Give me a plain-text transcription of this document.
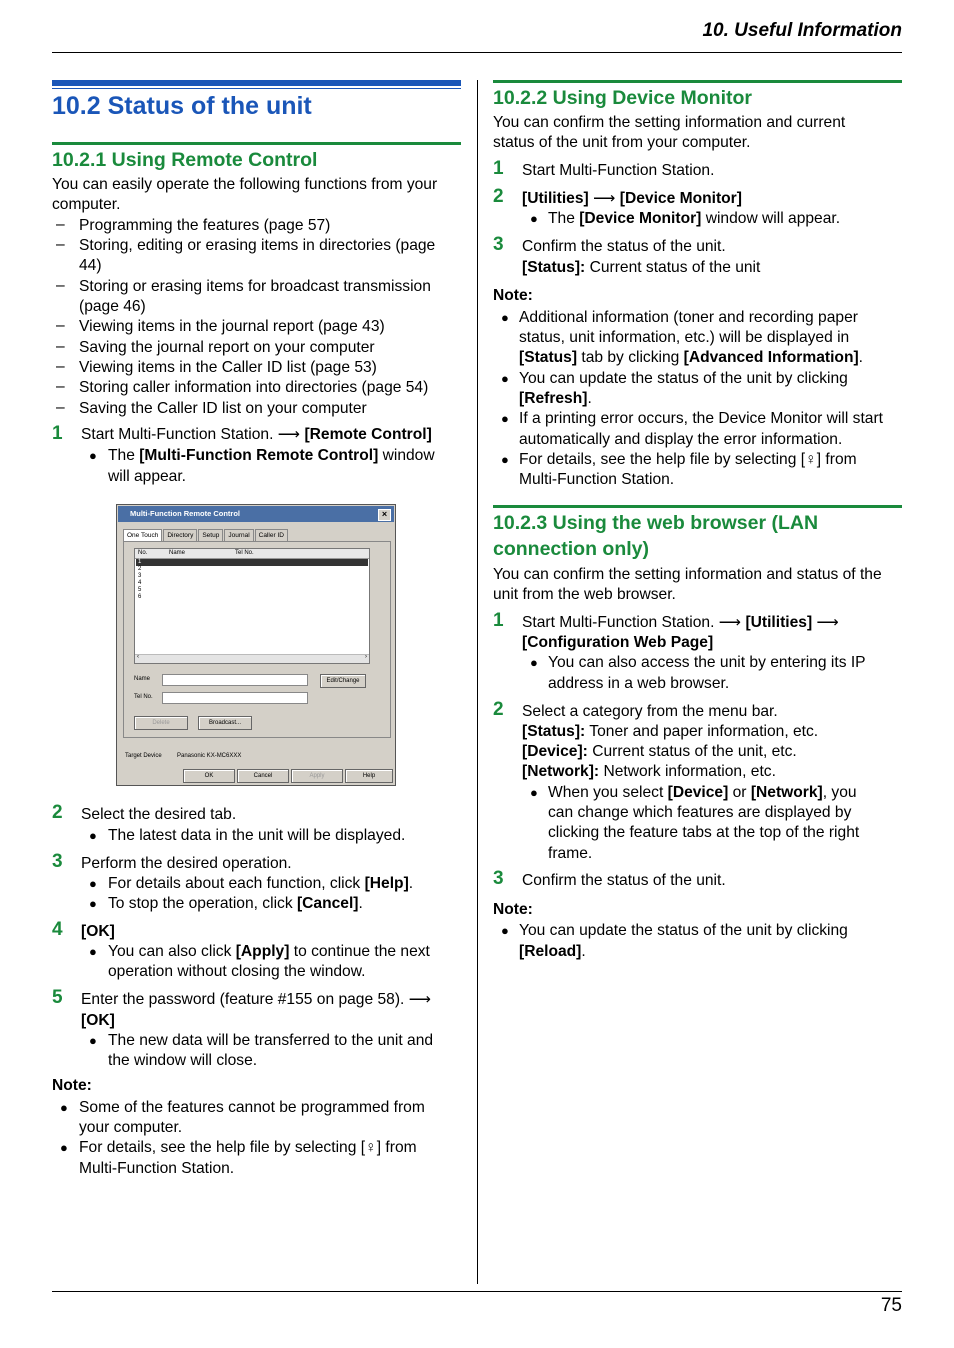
10. Useful Information
10.2 Status of the unit
10.2.1 Using Remote Control
You can easily operate the following functions from your
computer.
– Programming the features (page 57)
– Storing, editing or erasing items in directories (page
44)
– Storing or erasing items for broadcast transmission
(page 46)
– Viewing items in the journal report (page 43)
– Saving the journal report on your computer
– Viewing items in the Caller ID list (page 53)
– Storing caller information into directories (page 54)
– Saving the Caller ID list on your computer
1 Start Multi-Function Station. ⟶ [Remote Control]
● The [Multi-Function Remote Control] window
will appear.
Multi-Function Remote Control	×
One Touch Directory Setup Journal Caller ID
No.	Name	Tel No.
1
2
3
4
5
6
‹	›
Name	Edit/Change
Tel No.
Delete	Broadcast...
Target Device	Panasonic KX-MC6XXX
OK	Cancel	Apply	Help
2 Select the desired tab.
● The latest data in the unit will be displayed.
3 Perform the desired operation.
● For details about each function, click [Help].
● To stop the operation, click [Cancel].
4 [OK]
● You can also click [Apply] to continue the next
operation without closing the window.
5 Enter the password (feature #155 on page 58). ⟶
[OK]
● The new data will be transferred to the unit and
the window will close.
Note:
● Some of the features cannot be programmed from
your computer.
● For details, see the help file by selecting [♀] from
Multi-Function Station.
10.2.2 Using Device Monitor
You can confirm the setting information and current
status of the unit from your computer.
1 Start Multi-Function Station.
2 [Utilities] ⟶ [Device Monitor]
● The [Device Monitor] window will appear.
3 Confirm the status of the unit.
[Status]: Current status of the unit
Note:
● Additional information (toner and recording paper
status, unit information, etc.) will be displayed in
[Status] tab by clicking [Advanced Information].
● You can update the status of the unit by clicking
[Refresh].
● If a printing error occurs, the Device Monitor will start
automatically and display the error information.
● For details, see the help file by selecting [♀] from
Multi-Function Station.
10.2.3 Using the web browser (LAN
connection only)
You can confirm the setting information and status of the
unit from the web browser.
1 Start Multi-Function Station. ⟶ [Utilities] ⟶
[Configuration Web Page]
● You can also access the unit by entering its IP
address in a web browser.
2 Select a category from the menu bar.
[Status]: Toner and paper information, etc.
[Device]: Current status of the unit, etc.
[Network]: Network information, etc.
● When you select [Device] or [Network], you
can change which features are displayed by
clicking the feature tabs at the top of the right
frame.
3 Confirm the status of the unit.
Note:
● You can update the status of the unit by clicking
[Reload].
75
